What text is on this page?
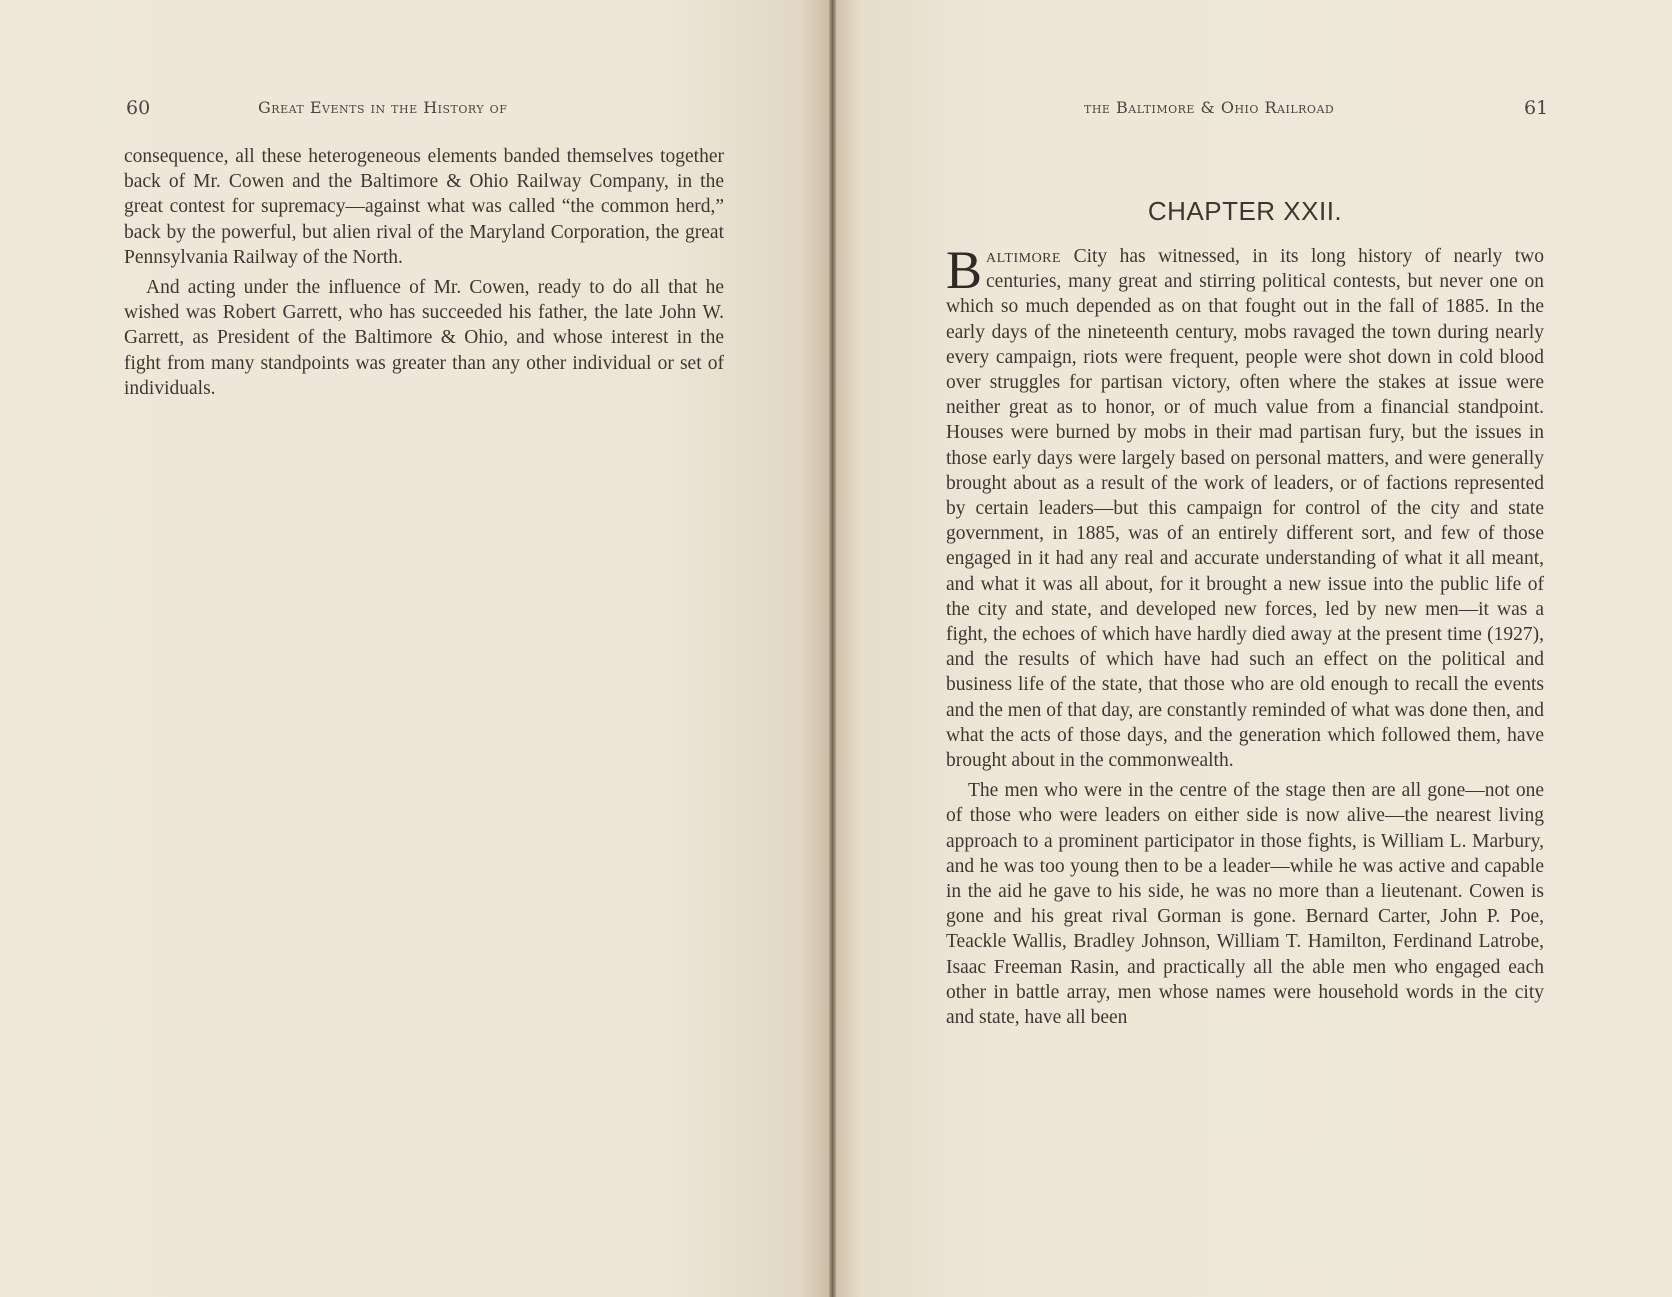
60	Great Events in the History of

consequence, all these heterogeneous elements banded themselves together back of Mr. Cowen and the Baltimore & Ohio Railway Company, in the great contest for supremacy—against what was called “the common herd,” back by the powerful, but alien rival of the Maryland Corporation, the great Pennsylvania Railway of the North.

And acting under the influence of Mr. Cowen, ready to do all that he wished was Robert Garrett, who has succeeded his father, the late John W. Garrett, as President of the Baltimore & Ohio, and whose interest in the fight from many standpoints was greater than any other individual or set of individuals.

the Baltimore & Ohio Railroad	61
CHAPTER XXII.

Baltimore City has witnessed, in its long history of nearly two centuries, many great and stirring political contests, but never one on which so much depended as on that fought out in the fall of 1885. In the early days of the nineteenth century, mobs ravaged the town during nearly every campaign, riots were frequent, people were shot down in cold blood over struggles for partisan victory, often where the stakes at issue were neither great as to honor, or of much value from a financial standpoint. Houses were burned by mobs in their mad partisan fury, but the issues in those early days were largely based on personal matters, and were generally brought about as a result of the work of leaders, or of factions represented by certain leaders—but this campaign for control of the city and state government, in 1885, was of an entirely different sort, and few of those engaged in it had any real and accurate understanding of what it all meant, and what it was all about, for it brought a new issue into the public life of the city and state, and developed new forces, led by new men—it was a fight, the echoes of which have hardly died away at the present time (1927), and the results of which have had such an effect on the political and business life of the state, that those who are old enough to recall the events and the men of that day, are constantly reminded of what was done then, and what the acts of those days, and the generation which followed them, have brought about in the commonwealth.

The men who were in the centre of the stage then are all gone—not one of those who were leaders on either side is now alive—the nearest living approach to a prominent participator in those fights, is William L. Marbury, and he was too young then to be a leader—while he was active and capable in the aid he gave to his side, he was no more than a lieutenant. Cowen is gone and his great rival Gorman is gone. Bernard Carter, John P. Poe, Teackle Wallis, Bradley Johnson, William T. Hamilton, Ferdinand Latrobe, Isaac Freeman Rasin, and practically all the able men who engaged each other in battle array, men whose names were household words in the city and state, have all been
